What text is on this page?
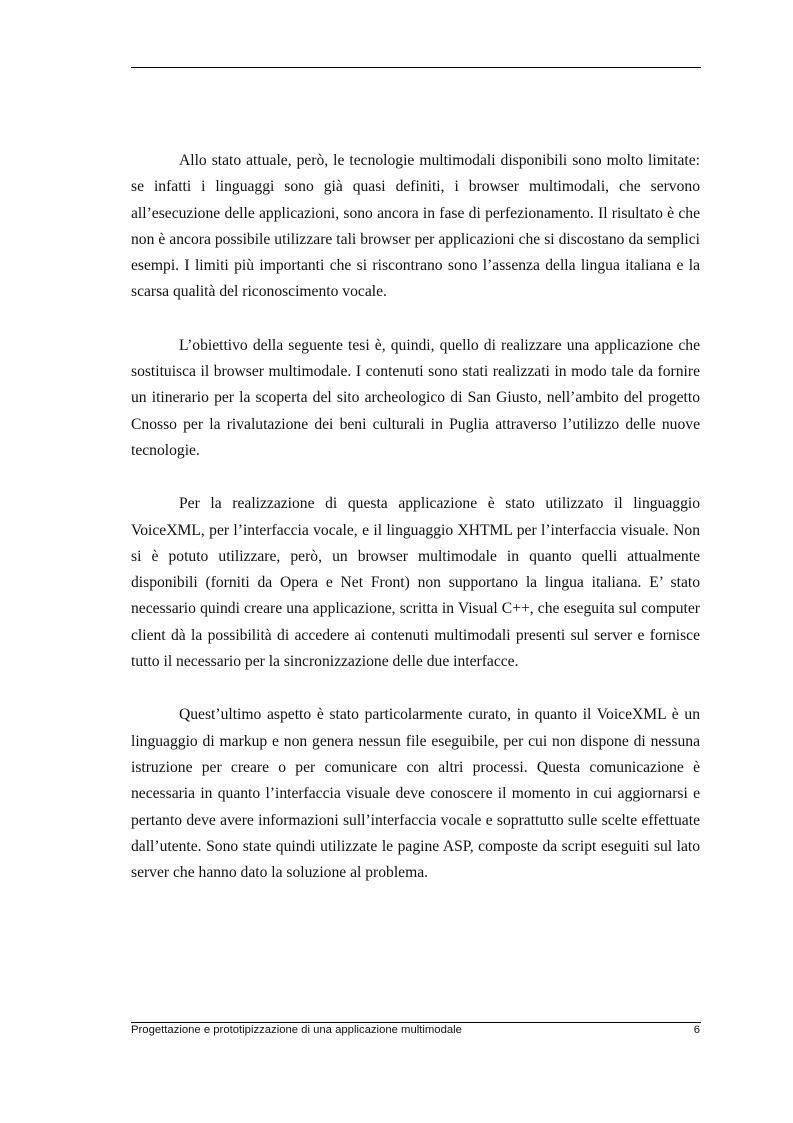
Allo stato attuale, però, le tecnologie multimodali disponibili sono molto limitate: se infatti i linguaggi sono già quasi definiti, i browser multimodali, che servono all’esecuzione delle applicazioni, sono ancora in fase di perfezionamento. Il risultato è che non è ancora possibile utilizzare tali browser per applicazioni che si discostano da semplici esempi. I limiti più importanti che si riscontrano sono l’assenza della lingua italiana e la scarsa qualità del riconoscimento vocale.

L’obiettivo della seguente tesi è, quindi, quello di realizzare una applicazione che sostituisca il browser multimodale. I contenuti sono stati realizzati in modo tale da fornire un itinerario per la scoperta del sito archeologico di San Giusto, nell’ambito del progetto Cnosso per la rivalutazione dei beni culturali in Puglia attraverso l’utilizzo delle nuove tecnologie.

Per la realizzazione di questa applicazione è stato utilizzato il linguaggio VoiceXML, per l’interfaccia vocale, e il linguaggio XHTML per l’interfaccia visuale. Non si è potuto utilizzare, però, un browser multimodale in quanto quelli attualmente disponibili (forniti da Opera e Net Front) non supportano la lingua italiana. E’ stato necessario quindi creare una applicazione, scritta in Visual C++, che eseguita sul computer client dà la possibilità di accedere ai contenuti multimodali presenti sul server e fornisce tutto il necessario per la sincronizzazione delle due interfacce.

Quest’ultimo aspetto è stato particolarmente curato, in quanto il VoiceXML è un linguaggio di markup e non genera nessun file eseguibile, per cui non dispone di nessuna istruzione per creare o per comunicare con altri processi. Questa comunicazione è necessaria in quanto l’interfaccia visuale deve conoscere il momento in cui aggiornarsi e pertanto deve avere informazioni sull’interfaccia vocale e soprattutto sulle scelte effettuate dall’utente. Sono state quindi utilizzate le pagine ASP, composte da script eseguiti sul lato server che hanno dato la soluzione al problema.

Progettazione e prototipizzazione di una applicazione multimodale	6
